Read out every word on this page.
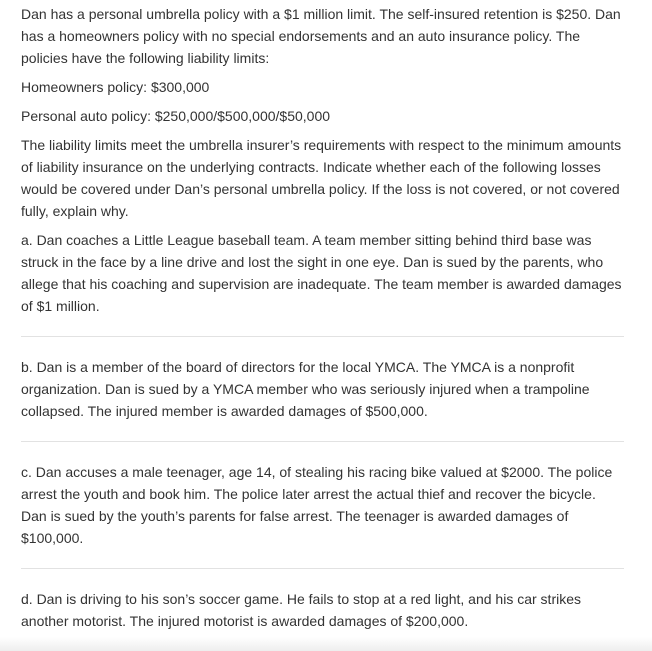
Dan has a personal umbrella policy with a $1 million limit. The self-insured retention is $250. Dan has a homeowners policy with no special endorsements and an auto insurance policy. The policies have the following liability limits:

Homeowners policy: $300,000

Personal auto policy: $250,000/$500,000/$50,000

The liability limits meet the umbrella insurer’s requirements with respect to the minimum amounts of liability insurance on the underlying contracts. Indicate whether each of the following losses would be covered under Dan’s personal umbrella policy. If the loss is not covered, or not covered fully, explain why.

a. Dan coaches a Little League baseball team. A team member sitting behind third base was struck in the face by a line drive and lost the sight in one eye. Dan is sued by the parents, who allege that his coaching and supervision are inadequate. The team member is awarded damages of $1 million.

b. Dan is a member of the board of directors for the local YMCA. The YMCA is a nonprofit organization. Dan is sued by a YMCA member who was seriously injured when a trampoline collapsed. The injured member is awarded damages of $500,000.

c. Dan accuses a male teenager, age 14, of stealing his racing bike valued at $2000. The police arrest the youth and book him. The police later arrest the actual thief and recover the bicycle. Dan is sued by the youth’s parents for false arrest. The teenager is awarded damages of $100,000.

d. Dan is driving to his son’s soccer game. He fails to stop at a red light, and his car strikes another motorist. The injured motorist is awarded damages of $200,000.
